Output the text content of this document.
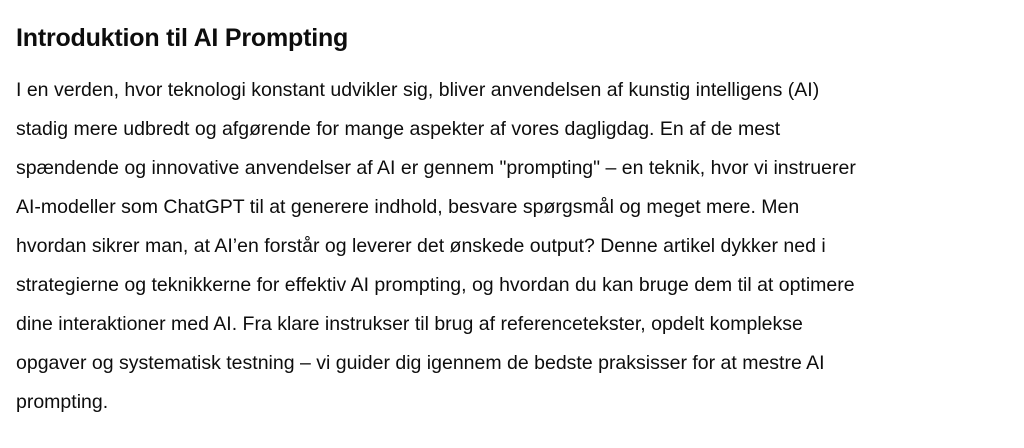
Introduktion til AI Prompting

I en verden, hvor teknologi konstant udvikler sig, bliver anvendelsen af kunstig intelligens (AI)
stadig mere udbredt og afgørende for mange aspekter af vores dagligdag. En af de mest
spændende og innovative anvendelser af AI er gennem "prompting" – en teknik, hvor vi instruerer
AI-modeller som ChatGPT til at generere indhold, besvare spørgsmål og meget mere. Men
hvordan sikrer man, at AI’en forstår og leverer det ønskede output? Denne artikel dykker ned i
strategierne og teknikkerne for effektiv AI prompting, og hvordan du kan bruge dem til at optimere
dine interaktioner med AI. Fra klare instrukser til brug af referencetekster, opdelt komplekse
opgaver og systematisk testning – vi guider dig igennem de bedste praksisser for at mestre AI
prompting.
